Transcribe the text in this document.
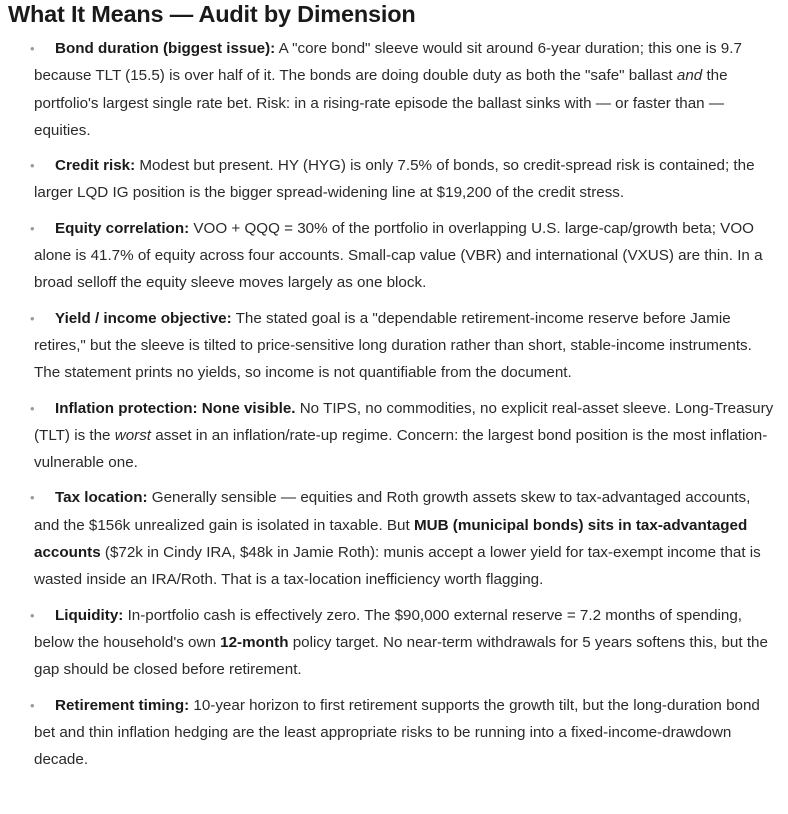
What It Means — Audit by Dimension
• Bond duration (biggest issue): A "core bond" sleeve would sit around 6-year duration; this one is 9.7 because TLT (15.5) is over half of it. The bonds are doing double duty as both the "safe" ballast and the portfolio's largest single rate bet. Risk: in a rising-rate episode the ballast sinks with — or faster than — equities.
• Credit risk: Modest but present. HY (HYG) is only 7.5% of bonds, so credit-spread risk is contained; the larger LQD IG position is the bigger spread-widening line at $19,200 of the credit stress.
• Equity correlation: VOO + QQQ = 30% of the portfolio in overlapping U.S. large-cap/growth beta; VOO alone is 41.7% of equity across four accounts. Small-cap value (VBR) and international (VXUS) are thin. In a broad selloff the equity sleeve moves largely as one block.
• Yield / income objective: The stated goal is a "dependable retirement-income reserve before Jamie retires," but the sleeve is tilted to price-sensitive long duration rather than short, stable-income instruments. The statement prints no yields, so income is not quantifiable from the document.
• Inflation protection: None visible. No TIPS, no commodities, no explicit real-asset sleeve. Long-Treasury (TLT) is the worst asset in an inflation/rate-up regime. Concern: the largest bond position is the most inflation-vulnerable one.
• Tax location: Generally sensible — equities and Roth growth assets skew to tax-advantaged accounts, and the $156k unrealized gain is isolated in taxable. But MUB (municipal bonds) sits in tax-advantaged accounts ($72k in Cindy IRA, $48k in Jamie Roth): munis accept a lower yield for tax-exempt income that is wasted inside an IRA/Roth. That is a tax-location inefficiency worth flagging.
• Liquidity: In-portfolio cash is effectively zero. The $90,000 external reserve = 7.2 months of spending, below the household's own 12-month policy target. No near-term withdrawals for 5 years softens this, but the gap should be closed before retirement.
• Retirement timing: 10-year horizon to first retirement supports the growth tilt, but the long-duration bond bet and thin inflation hedging are the least appropriate risks to be running into a fixed-income-drawdown decade.
